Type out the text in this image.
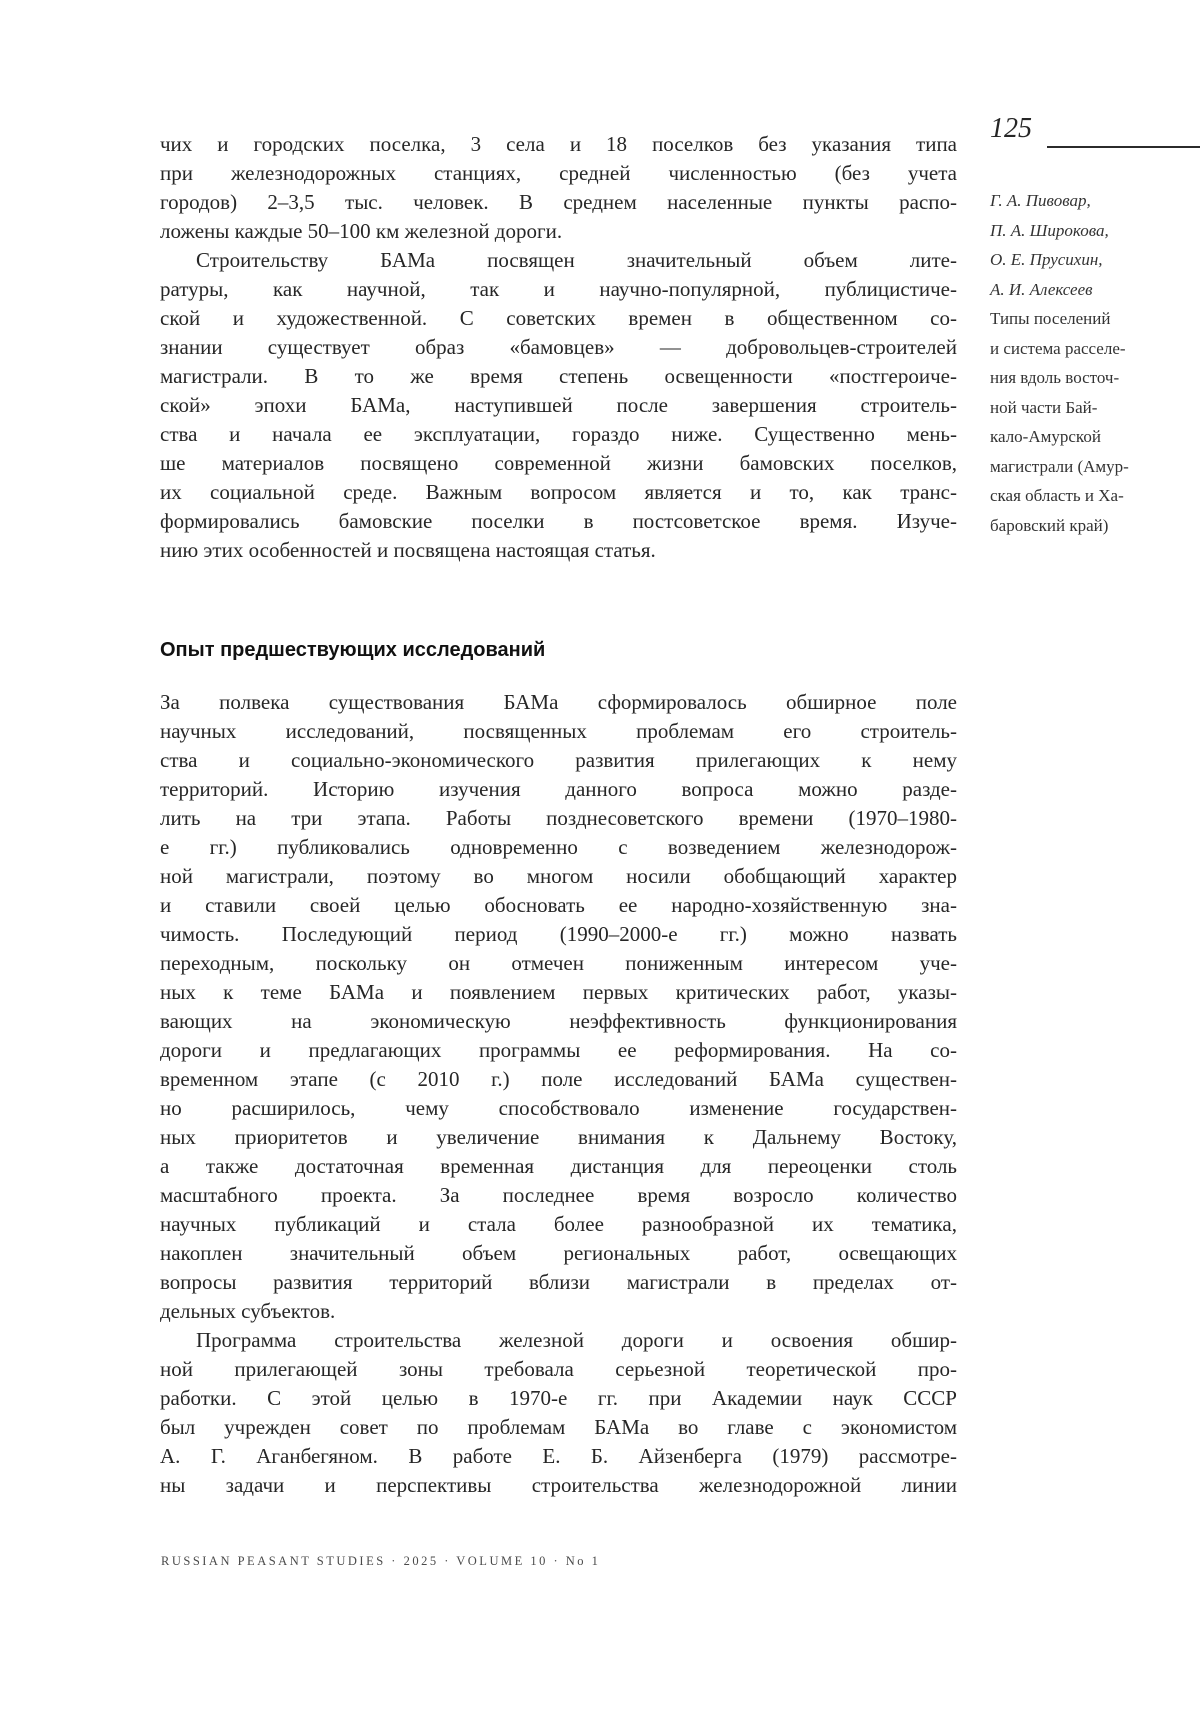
125
Г. А. Пивовар,
П. А. Широкова,
О. Е. Прусихин,
А. И. Алексеев
Типы поселений
и система расселе-
ния вдоль восточ-
ной части Бай-
кало-Амурской
магистрали (Амур-
ская область и Ха-
баровский край)
чих и городских поселка, 3 села и 18 поселков без указания типа
при железнодорожных станциях, средней численностью (без учета
городов) 2–3,5 тыс. человек. В среднем населенные пункты распо-
ложены каждые 50–100 км железной дороги.
Строительству БАМа посвящен значительный объем лите-
ратуры, как научной, так и научно-популярной, публицистиче-
ской и художественной. С советских времен в общественном со-
знании существует образ «бамовцев» — добровольцев-строителей
магистрали. В то же время степень освещенности «постгероиче-
ской» эпохи БАМа, наступившей после завершения строитель-
ства и начала ее эксплуатации, гораздо ниже. Существенно мень-
ше материалов посвящено современной жизни бамовских поселков,
их социальной среде. Важным вопросом является и то, как транс-
формировались бамовские поселки в постсоветское время. Изуче-
нию этих особенностей и посвящена настоящая статья.
Опыт предшествующих исследований
За полвека существования БАМа сформировалось обширное поле
научных исследований, посвященных проблемам его строитель-
ства и социально-экономического развития прилегающих к нему
территорий. Историю изучения данного вопроса можно разде-
лить на три этапа. Работы позднесоветского времени (1970–1980-
е гг.) публиковались одновременно с возведением железнодорож-
ной магистрали, поэтому во многом носили обобщающий характер
и ставили своей целью обосновать ее народно-хозяйственную зна-
чимость. Последующий период (1990–2000-е гг.) можно назвать
переходным, поскольку он отмечен пониженным интересом уче-
ных к теме БАМа и появлением первых критических работ, указы-
вающих на экономическую неэффективность функционирования
дороги и предлагающих программы ее реформирования. На со-
временном этапе (с 2010 г.) поле исследований БАМа существен-
но расширилось, чему способствовало изменение государствен-
ных приоритетов и увеличение внимания к Дальнему Востоку,
а также достаточная временная дистанция для переоценки столь
масштабного проекта. За последнее время возросло количество
научных публикаций и стала более разнообразной их тематика,
накоплен значительный объем региональных работ, освещающих
вопросы развития территорий вблизи магистрали в пределах от-
дельных субъектов.
Программа строительства железной дороги и освоения обшир-
ной прилегающей зоны требовала серьезной теоретической про-
работки. С этой целью в 1970-е гг. при Академии наук СССР
был учрежден совет по проблемам БАМа во главе с экономистом
А. Г. Аганбегяном. В работе Е. Б. Айзенберга (1979) рассмотре-
ны задачи и перспективы строительства железнодорожной линии
RUSSIAN PEASANT STUDIES · 2025 · VOLUME 10 · No 1
